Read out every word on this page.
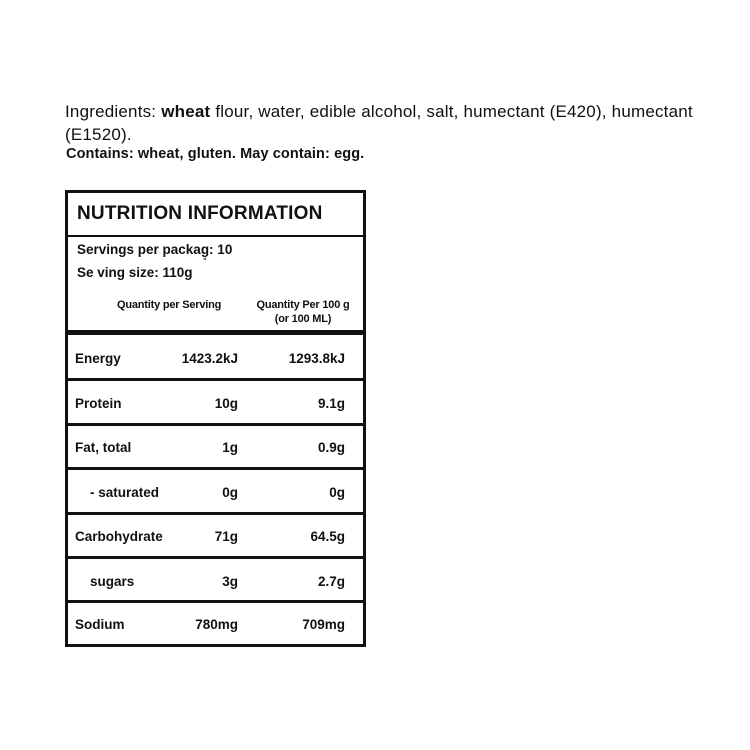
Ingredients: wheat flour, water, edible alcohol, salt, humectant (E420), humectant (E1520).
Contains: wheat, gluten. May contain: egg.
NUTRITION INFORMATION
Servings per packag̘: 10
Se ving size: 110g
Quantity per Serving	Quantity Per 100 g
(or 100 ML)
Energy	1423.2kJ	1293.8kJ
Protein	10g	9.1g
Fat, total	1g	0.9g
- saturated	0g	0g
Carbohydrate	71g	64.5g
sugars	3g	2.7g
Sodium	780mg	709mg
